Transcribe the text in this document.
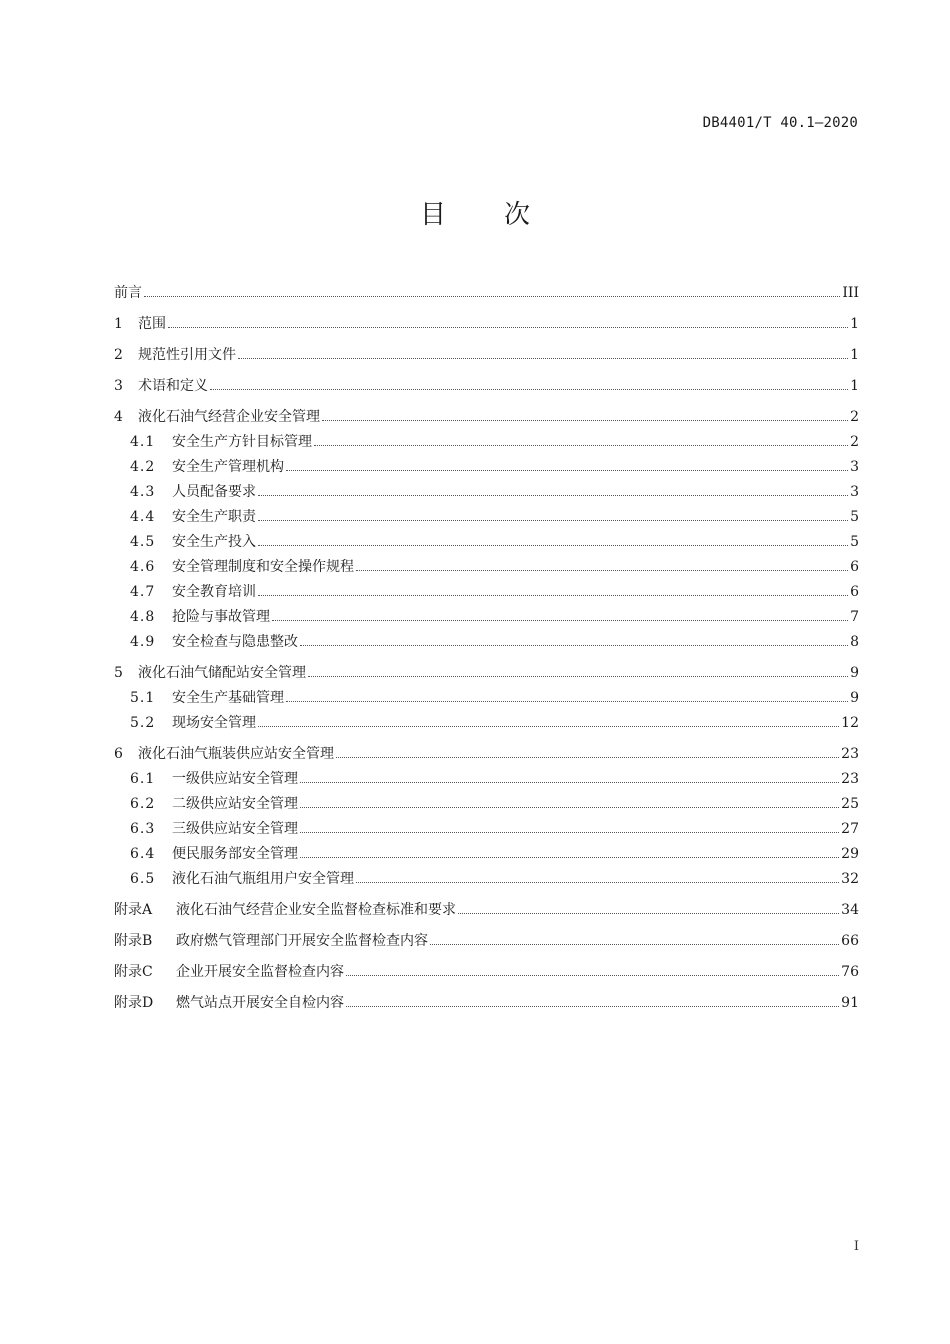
DB4401/T 40.1—2020
目 次
前言	III
1	范围	1
2	规范性引用文件	1
3	术语和定义	1
4	液化石油气经营企业安全管理	2
4.1	安全生产方针目标管理	2
4.2	安全生产管理机构	3
4.3	人员配备要求	3
4.4	安全生产职责	5
4.5	安全生产投入	5
4.6	安全管理制度和安全操作规程	6
4.7	安全教育培训	6
4.8	抢险与事故管理	7
4.9	安全检查与隐患整改	8
5	液化石油气储配站安全管理	9
5.1	安全生产基础管理	9
5.2	现场安全管理	12
6	液化石油气瓶装供应站安全管理	23
6.1	一级供应站安全管理	23
6.2	二级供应站安全管理	25
6.3	三级供应站安全管理	27
6.4	便民服务部安全管理	29
6.5	液化石油气瓶组用户安全管理	32
附录A	液化石油气经营企业安全监督检查标准和要求	34
附录B	政府燃气管理部门开展安全监督检查内容	66
附录C	企业开展安全监督检查内容	76
附录D	燃气站点开展安全自检内容	91
I
